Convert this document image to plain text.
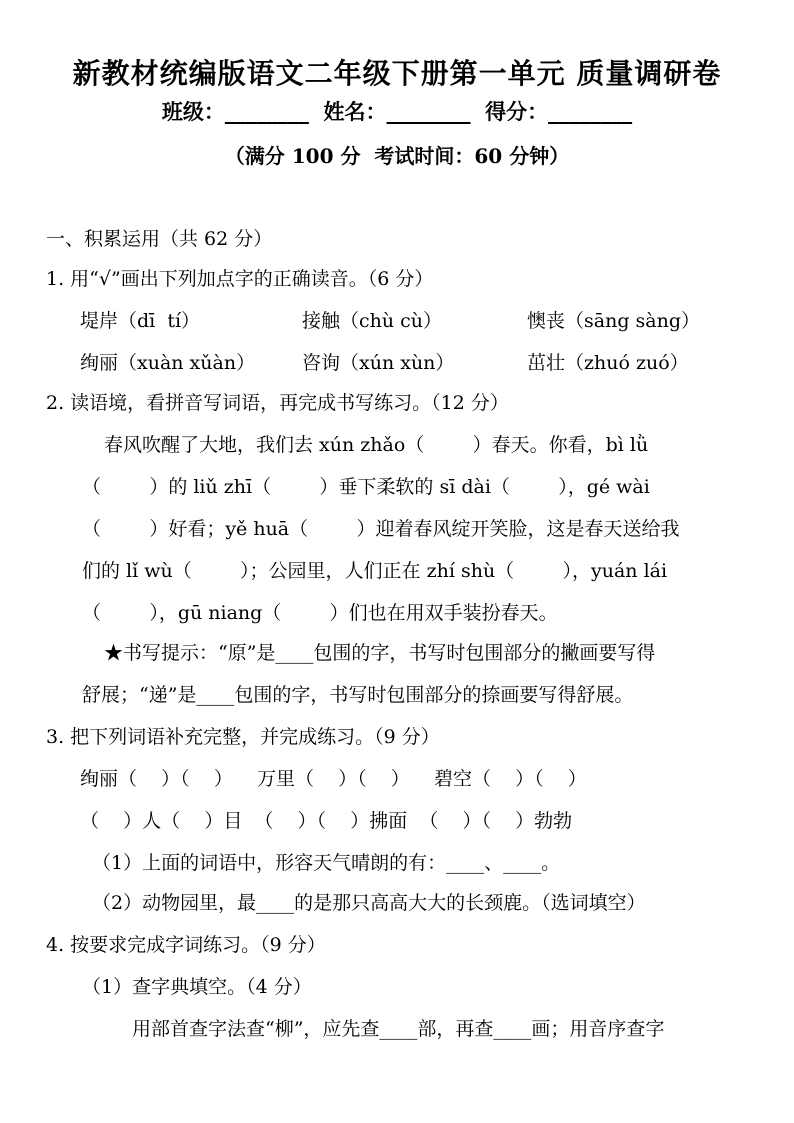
新教材统编版语文二年级下册第一单元 质量调研卷
班级：________  姓名：________  得分：________
（满分 100 分  考试时间：60 分钟）
一、积累运用（共 62 分）
1. 用“√”画出下列加点字的正确读音。（6 分）
堤岸（dī  tí）	接触（chù cù）	懊丧（sāng sàng）
绚丽（xuàn xǔàn） 咨询（xún xùn）	茁壮（zhuó zuó）
2. 读语境，看拼音写词语，再完成书写练习。（12 分）
春风吹醒了大地，我们去 xún zhǎo（        ）春天。你看，bì lǜ
（        ）的 liǔ zhī（        ）垂下柔软的 sī dài（        ），gé wài
（        ）好看；yě huā（        ）迎着春风绽开笑脸，这是春天送给我
们的 lǐ wù（        ）；公园里，人们正在 zhí shù（        ），yuán lái
（        ），gū niang（        ）们也在用双手装扮春天。
★书写提示：“原”是____包围的字，书写时包围部分的撇画要写得
舒展；“递”是____包围的字，书写时包围部分的捺画要写得舒展。
3. 把下列词语补充完整，并完成练习。（9 分）
绚丽（    ）（    ）    万里（    ）（    ）    碧空（    ）（    ）
（    ）人（    ）目  （    ）（    ）拂面  （    ）（    ）勃勃
（1）上面的词语中，形容天气晴朗的有：____、____。
（2）动物园里，最____的是那只高高大大的长颈鹿。（选词填空）
4. 按要求完成字词练习。（9 分）
（1）查字典填空。（4 分）
用部首查字法查“柳”，应先查____部，再查____画；用音序查字
